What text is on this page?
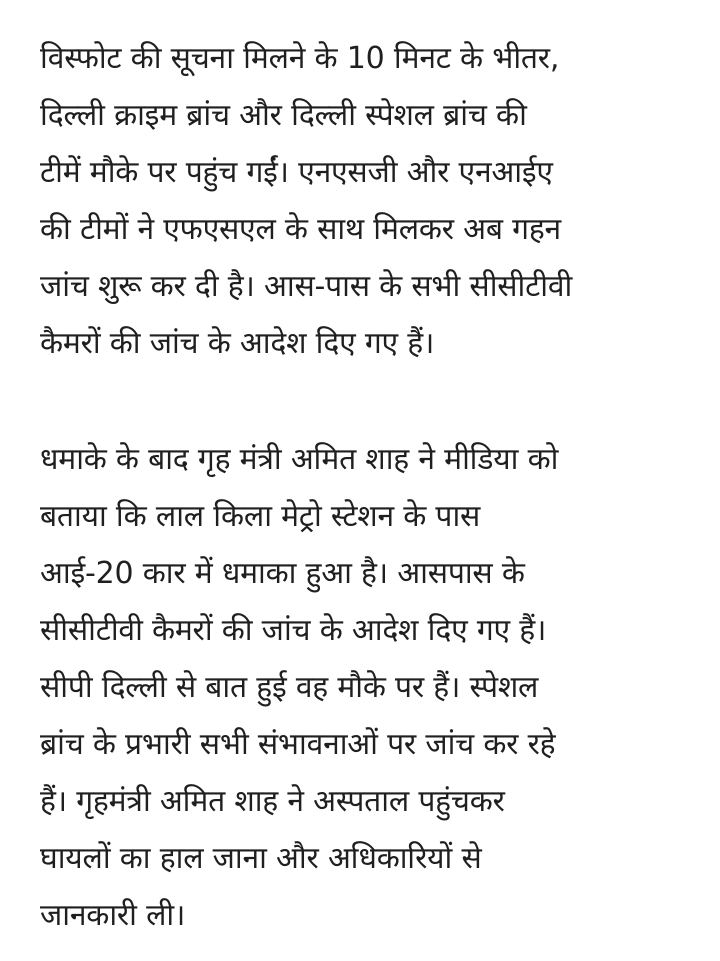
विस्फोट की सूचना मिलने के 10 मिनट के भीतर,
दिल्ली क्राइम ब्रांच और दिल्ली स्पेशल ब्रांच की
टीमें मौके पर पहुंच गईं। एनएसजी और एनआईए
की टीमों ने एफएसएल के साथ मिलकर अब गहन
जांच शुरू कर दी है। आस-पास के सभी सीसीटीवी
कैमरों की जांच के आदेश दिए गए हैं।

धमाके के बाद गृह मंत्री अमित शाह ने मीडिया को
बताया कि लाल किला मेट्रो स्टेशन के पास
आई-20 कार में धमाका हुआ है। आसपास के
सीसीटीवी कैमरों की जांच के आदेश दिए गए हैं।
सीपी दिल्ली से बात हुई वह मौके पर हैं। स्पेशल
ब्रांच के प्रभारी सभी संभावनाओं पर जांच कर रहे
हैं। गृहमंत्री अमित शाह ने अस्पताल पहुंचकर
घायलों का हाल जाना और अधिकारियों से
जानकारी ली।
